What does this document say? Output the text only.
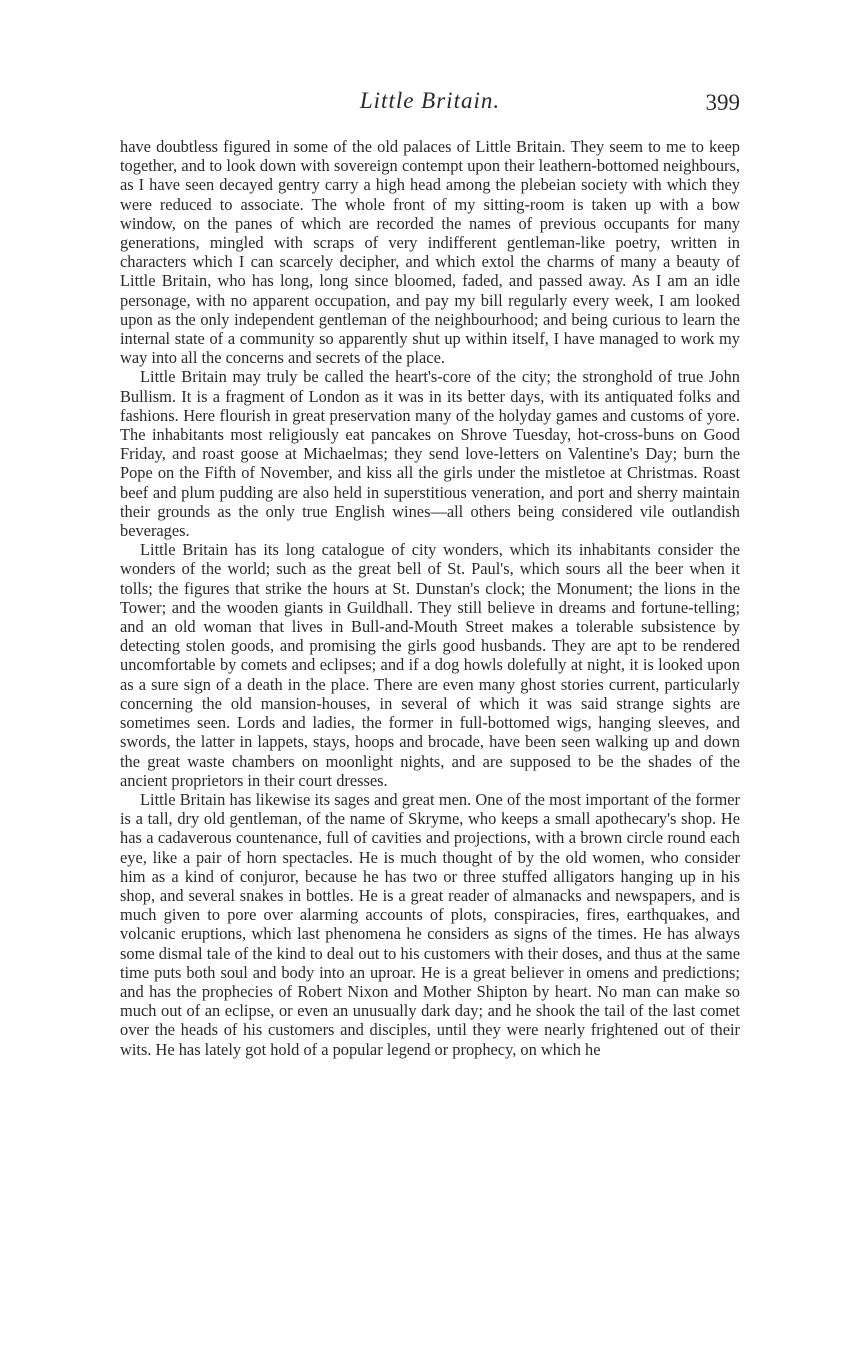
Little Britain.	399

have doubtless figured in some of the old palaces of Little Britain. They seem to me to keep together, and to look down with sovereign contempt upon their leathern-bottomed neighbours, as I have seen decayed gentry carry a high head among the plebeian society with which they were reduced to associate. The whole front of my sitting-room is taken up with a bow window, on the panes of which are recorded the names of previous occupants for many generations, mingled with scraps of very indifferent gentleman-like poetry, written in characters which I can scarcely decipher, and which extol the charms of many a beauty of Little Britain, who has long, long since bloomed, faded, and passed away. As I am an idle personage, with no apparent occupation, and pay my bill regularly every week, I am looked upon as the only independent gentleman of the neighbourhood; and being curious to learn the internal state of a community so apparently shut up within itself, I have managed to work my way into all the concerns and secrets of the place.

Little Britain may truly be called the heart's-core of the city; the stronghold of true John Bullism. It is a fragment of London as it was in its better days, with its antiquated folks and fashions. Here flourish in great preservation many of the holyday games and customs of yore. The inhabitants most religiously eat pancakes on Shrove Tuesday, hot-cross-buns on Good Friday, and roast goose at Michaelmas; they send love-letters on Valentine's Day; burn the Pope on the Fifth of November, and kiss all the girls under the mistletoe at Christmas. Roast beef and plum pudding are also held in superstitious veneration, and port and sherry maintain their grounds as the only true English wines—all others being considered vile outlandish beverages.

Little Britain has its long catalogue of city wonders, which its inhabitants consider the wonders of the world; such as the great bell of St. Paul's, which sours all the beer when it tolls; the figures that strike the hours at St. Dunstan's clock; the Monument; the lions in the Tower; and the wooden giants in Guildhall. They still believe in dreams and fortune-telling; and an old woman that lives in Bull-and-Mouth Street makes a tolerable subsistence by detecting stolen goods, and promising the girls good husbands. They are apt to be rendered uncomfortable by comets and eclipses; and if a dog howls dolefully at night, it is looked upon as a sure sign of a death in the place. There are even many ghost stories current, particularly concerning the old mansion-houses, in several of which it was said strange sights are sometimes seen. Lords and ladies, the former in full-bottomed wigs, hanging sleeves, and swords, the latter in lappets, stays, hoops and brocade, have been seen walking up and down the great waste chambers on moonlight nights, and are supposed to be the shades of the ancient proprietors in their court dresses.

Little Britain has likewise its sages and great men. One of the most important of the former is a tall, dry old gentleman, of the name of Skryme, who keeps a small apothecary's shop. He has a cadaverous countenance, full of cavities and projections, with a brown circle round each eye, like a pair of horn spectacles. He is much thought of by the old women, who consider him as a kind of conjuror, because he has two or three stuffed alligators hanging up in his shop, and several snakes in bottles. He is a great reader of almanacks and newspapers, and is much given to pore over alarming accounts of plots, conspiracies, fires, earthquakes, and volcanic eruptions, which last phenomena he considers as signs of the times. He has always some dismal tale of the kind to deal out to his customers with their doses, and thus at the same time puts both soul and body into an uproar. He is a great believer in omens and predictions; and has the prophecies of Robert Nixon and Mother Shipton by heart. No man can make so much out of an eclipse, or even an unusually dark day; and he shook the tail of the last comet over the heads of his customers and disciples, until they were nearly frightened out of their wits. He has lately got hold of a popular legend or prophecy, on which he
